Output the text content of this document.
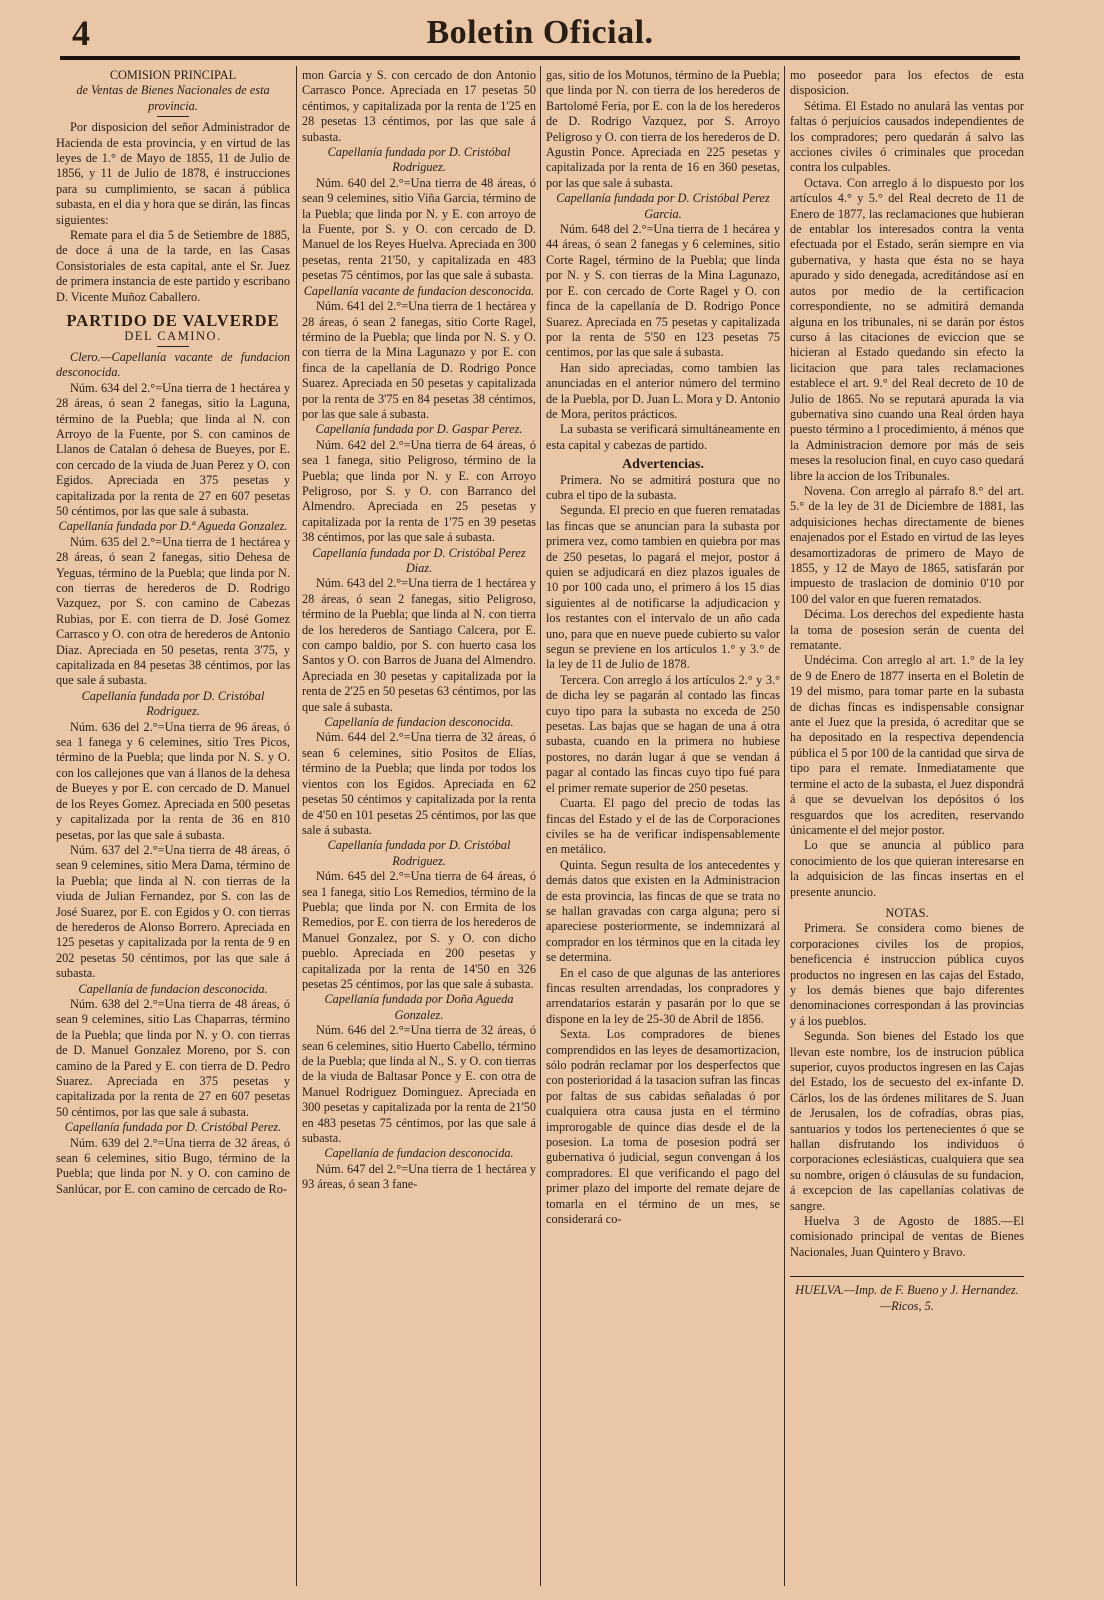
4	Boletin Oficial.

COMISION PRINCIPAL

de Ventas de Bienes Nacionales de esta provincia.

Por disposicion del señor Administrador de Hacienda de esta provincia, y en virtud de las leyes de 1.° de Mayo de 1855, 11 de Julio de 1856, y 11 de Julio de 1878, é instrucciones para su cumplimiento, se sacan á pública subasta, en el dia y hora que se dirán, las fincas siguientes:

Remate para el dia 5 de Setiembre de 1885, de doce á una de la tarde, en las Casas Consistoriales de esta capital, ante el Sr. Juez de primera instancia de este partido y escribano D. Vicente Muñoz Caballero.

PARTIDO DE VALVERDE
DEL CAMINO.

Clero.—Capellanía vacante de fundacion desconocida.

Núm. 634 del 2.°=Una tierra de 1 hectárea y 28 áreas, ó sean 2 fanegas, sitio la Laguna, término de la Puebla; que linda al N. con Arroyo de la Fuente, por S. con caminos de Llanos de Catalan ó dehesa de Bueyes, por E. con cercado de la viuda de Juan Perez y O. con Egidos. Apreciada en 375 pesetas y capitalizada por la renta de 27 en 607 pesetas 50 céntimos, por las que sale á subasta.

Capellanía fundada por D.ª Agueda Gonzalez.

Núm. 635 del 2.°=Una tierra de 1 hectárea y 28 áreas, ó sean 2 fanegas, sitio Dehesa de Yeguas, término de la Puebla; que linda por N. con tierras de herederos de D. Rodrigo Vazquez, por S. con camino de Cabezas Rubias, por E. con tierra de D. José Gomez Carrasco y O. con otra de herederos de Antonio Diaz. Apreciada en 50 pesetas, renta 3'75, y capitalizada en 84 pesetas 38 céntimos, por las que sale á subasta.

Capellanía fundada por D. Cristóbal Rodriguez.

Núm. 636 del 2.°=Una tierra de 96 áreas, ó sea 1 fanega y 6 celemines, sitio Tres Picos, término de la Puebla; que linda por N. S. y O. con los callejones que van á llanos de la dehesa de Bueyes y por E. con cercado de D. Manuel de los Reyes Gomez. Apreciada en 500 pesetas y capitalizada por la renta de 36 en 810 pesetas, por las que sale á subasta.

Núm. 637 del 2.°=Una tierra de 48 áreas, ó sean 9 celemines, sitio Mera Dama, término de la Puebla; que linda al N. con tierras de la viuda de Julian Fernandez, por S. con las de José Suarez, por E. con Egidos y O. con tierras de herederos de Alonso Borrero. Apreciada en 125 pesetas y capitalizada por la renta de 9 en 202 pesetas 50 céntimos, por las que sale á subasta.

Capellanía de fundacion desconocida.

Núm. 638 del 2.°=Una tierra de 48 áreas, ó sean 9 celemines, sitio Las Chaparras, término de la Puebla; que linda por N. y O. con tierras de D. Manuel Gonzalez Moreno, por S. con camino de la Pared y E. con tierra de D. Pedro Suarez. Apreciada en 375 pesetas y capitalizada por la renta de 27 en 607 pesetas 50 céntimos, por las que sale á subasta.

Capellanía fundada por D. Cristóbal Perez.

Núm. 639 del 2.°=Una tierra de 32 áreas, ó sean 6 celemines, sitio Bugo, término de la Puebla; que linda por N. y O. con camino de Sanlúcar, por E. con camino de cercado de Ro-

mon Garcia y S. con cercado de don Antonio Carrasco Ponce. Apreciada en 17 pesetas 50 céntimos, y capitalizada por la renta de 1'25 en 28 pesetas 13 céntimos, por las que sale á subasta.

Capellanía fundada por D. Cristóbal Rodriguez.

Núm. 640 del 2.°=Una tierra de 48 áreas, ó sean 9 celemines, sitio Viña Garcia, término de la Puebla; que linda por N. y E. con arroyo de la Fuente, por S. y O. con cercado de D. Manuel de los Reyes Huelva. Apreciada en 300 pesetas, renta 21'50, y capitalizada en 483 pesetas 75 céntimos, por las que sale á subasta.

Capellanía vacante de fundacion desconocida.

Núm. 641 del 2.°=Una tierra de 1 hectárea y 28 áreas, ó sean 2 fanegas, sitio Corte Ragel, término de la Puebla; que linda por N. S. y O. con tierra de la Mina Lagunazo y por E. con finca de la capellanía de D. Rodrigo Ponce Suarez. Apreciada en 50 pesetas y capitalizada por la renta de 3'75 en 84 pesetas 38 céntimos, por las que sale á subasta.

Capellanía fundada por D. Gaspar Perez.

Núm. 642 del 2.°=Una tierra de 64 áreas, ó sea 1 fanega, sitio Peligroso, término de la Puebla; que linda por N. y E. con Arroyo Peligroso, por S. y O. con Barranco del Almendro. Apreciada en 25 pesetas y capitalizada por la renta de 1'75 en 39 pesetas 38 céntimos, por las que sale á subasta.

Capellanía fundada por D. Cristóbal Perez Diaz.

Núm. 643 del 2.°=Una tierra de 1 hectárea y 28 áreas, ó sean 2 fanegas, sitio Peligroso, término de la Puebla; que linda al N. con tierra de los herederos de Santiago Calcera, por E. con campo baldio, por S. con huerto casa los Santos y O. con Barros de Juana del Almendro. Apreciada en 30 pesetas y capitalizada por la renta de 2'25 en 50 pesetas 63 céntimos, por las que sale á subasta.

Capellanía de fundacion desconocida.

Núm. 644 del 2.°=Una tierra de 32 áreas, ó sean 6 celemines, sitio Positos de Elías, término de la Puebla; que linda por todos los vientos con los Egidos. Apreciada en 62 pesetas 50 céntimos y capitalizada por la renta de 4'50 en 101 pesetas 25 céntimos, por las que sale á subasta.

Capellanía fundada por D. Cristóbal Rodriguez.

Núm. 645 del 2.°=Una tierra de 64 áreas, ó sea 1 fanega, sitio Los Remedios, término de la Puebla; que linda por N. con Ermita de los Remedios, por E. con tierra de los herederos de Manuel Gonzalez, por S. y O. con dicho pueblo. Apreciada en 200 pesetas y capitalizada por la renta de 14'50 en 326 pesetas 25 céntimos, por las que sale á subasta.

Capellanía fundada por Doña Agueda Gonzalez.

Núm. 646 del 2.°=Una tierra de 32 áreas, ó sean 6 celemines, sitio Huerto Cabello, término de la Puebla; que linda al N., S. y O. con tierras de la viuda de Baltasar Ponce y E. con otra de Manuel Rodriguez Dominguez. Apreciada en 300 pesetas y capitalizada por la renta de 21'50 en 483 pesetas 75 céntimos, por las que sale á subasta.

Capellanía de fundacion desconocida.

Núm. 647 del 2.°=Una tierra de 1 hectárea y 93 áreas, ó sean 3 fane-

gas, sitio de los Motunos, término de la Puebla; que linda por N. con tierra de los herederos de Bartolomé Feria, por E. con la de los herederos de D. Rodrigo Vazquez, por S. Arroyo Peligroso y O. con tierra de los herederos de D. Agustin Ponce. Apreciada en 225 pesetas y capitalizada por la renta de 16 en 360 pesetas, por las que sale á subasta.

Capellanía fundada por D. Cristóbal Perez Garcia.

Núm. 648 del 2.°=Una tierra de 1 hecárea y 44 áreas, ó sean 2 fanegas y 6 celemines, sitio Corte Ragel, término de la Puebla; que linda por N. y S. con tierras de la Mina Lagunazo, por E. con cercado de Corte Ragel y O. con finca de la capellanía de D. Rodrigo Ponce Suarez. Apreciada en 75 pesetas y capitalizada por la renta de 5'50 en 123 pesetas 75 centimos, por las que sale á subasta.

Han sido apreciadas, como tambien las anunciadas en el anterior número del termino de la Puebla, por D. Juan L. Mora y D. Antonio de Mora, peritos prácticos.

La subasta se verificará simultáneamente en esta capital y cabezas de partido.

Advertencias.

Primera. No se admitirá postura que no cubra el tipo de la subasta.

Segunda. El precio en que fueren rematadas las fincas que se anuncian para la subasta por primera vez, como tambien en quiebra por mas de 250 pesetas, lo pagará el mejor, postor á quien se adjudicará en diez plazos iguales de 10 por 100 cada uno, el primero á los 15 dias siguientes al de notificarse la adjudicacion y los restantes con el intervalo de un año cada uno, para que en nueve puede cubierto su valor segun se previene en los artículos 1.° y 3.° de la ley de 11 de Julio de 1878.

Tercera. Con arreglo á los artículos 2.° y 3.° de dicha ley se pagarán al contado las fincas cuyo tipo para la subasta no exceda de 250 pesetas. Las bajas que se hagan de una á otra subasta, cuando en la primera no hubiese postores, no darán lugar á que se vendan á pagar al contado las fincas cuyo tipo fué para el primer remate superior de 250 pesetas.

Cuarta. El pago del precio de todas las fincas del Estado y el de las de Corporaciones civiles se ha de verificar indispensablemente en metálico.

Quinta. Segun resulta de los antecedentes y demás datos que existen en la Administracion de esta provincia, las fincas de que se trata no se hallan gravadas con carga alguna; pero si apareciese posteriormente, se indemnizará al comprador en los términos que en la citada ley se determina.

En el caso de que algunas de las anteriores fincas resulten arrendadas, los conpradores y arrendatarios estarán y pasarán por lo que se dispone en la ley de 25-30 de Abril de 1856.

Sexta. Los compradores de bienes comprendidos en las leyes de desamortizacion, sólo podrán reclamar por los desperfectos que con posterioridad á la tasacion sufran las fincas por faltas de sus cabidas señaladas ó por cualquiera otra causa justa en el término improrogable de quince dias desde el de la posesion. La toma de posesion podrá ser gubernativa ó judicial, segun convengan á los compradores. El que verificando el pago del primer plazo del importe del remate dejare de tomarla en el término de un mes, se considerará co-

mo poseedor para los efectos de esta disposicion.

Sétima. El Estado no anulará las ventas por faltas ó perjuicios causados independientes de los compradores; pero quedarán á salvo las acciones civiles ó criminales que procedan contra los culpables.

Octava. Con arreglo á lo dispuesto por los artículos 4.° y 5.° del Real decreto de 11 de Enero de 1877, las reclamaciones que hubieran de entablar los interesados contra la venta efectuada por el Estado, serán siempre en via gubernativa, y hasta que ésta no se haya apurado y sido denegada, acreditándose así en autos por medio de la certificacion correspondiente, no se admitirá demanda alguna en los tribunales, ni se darán por éstos curso á las citaciones de eviccion que se hicieran al Estado quedando sin efecto la licitacion que para tales reclamaciones establece el art. 9.° del Real decreto de 10 de Julio de 1865. No se reputará apurada la via gubernativa sino cuando una Real órden haya puesto término a l procedimiento, á ménos que la Administracion demore por más de seis meses la resolucion final, en cuyo caso quedará libre la accion de los Tribunales.

Novena. Con arreglo al párrafo 8.° del art. 5.° de la ley de 31 de Diciembre de 1881, las adquisiciones hechas directamente de bienes enajenados por el Estado en virtud de las leyes desamortizadoras de primero de Mayo de 1855, y 12 de Mayo de 1865, satisfarán por impuesto de traslacion de dominio 0'10 por 100 del valor en que fueren rematados.

Décima. Los derechos del expediente hasta la toma de posesion serán de cuenta del rematante.

Undécima. Con arreglo al art. 1.° de la ley de 9 de Enero de 1877 inserta en el Boletin de 19 del mismo, para tomar parte en la subasta de dichas fincas es indispensable consignar ante el Juez que la presida, ó acreditar que se ha depositado en la respectiva dependencia pública el 5 por 100 de la cantidad que sirva de tipo para el remate. Inmediatamente que termine el acto de la subasta, el Juez dispondrá á que se devuelvan los depósitos ó los resguardos que los acrediten, reservando únicamente el del mejor postor.

Lo que se anuncia al público para conocimiento de los que quieran interesarse en la adquisicion de las fincas insertas en el presente anuncio.

NOTAS.

Primera. Se considera como bienes de corporaciones civiles los de propios, beneficencia é instruccion pública cuyos productos no ingresen en las cajas del Estado, y los demás bienes que bajo diferentes denominaciones correspondan á las provincias y á los pueblos.

Segunda. Son bienes del Estado los que llevan este nombre, los de instrucion pública superior, cuyos productos ingresen en las Cajas del Estado, los de secuesto del ex-infante D. Cárlos, los de las órdenes militares de S. Juan de Jerusalen, los de cofradías, obras pias, santuarios y todos los pertenecientes ó que se hallan disfrutando los individuos ó corporaciones eclesiásticas, cualquiera que sea su nombre, origen ó cláusulas de su fundacion, á excepcion de las capellanías colativas de sangre.

Huelva 3 de Agosto de 1885.—El comisionado principal de ventas de Bienes Nacionales, Juan Quintero y Bravo.

HUELVA.—Imp. de F. Bueno y J. Hernandez.—Ricos, 5.
